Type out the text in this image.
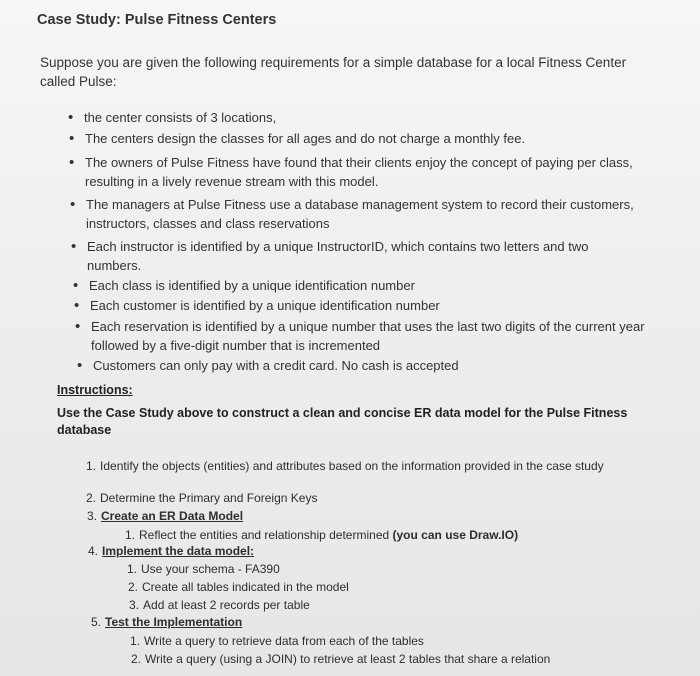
Case Study: Pulse Fitness Centers
Suppose you are given the following requirements for a simple database for a local Fitness Center called Pulse:
• the center consists of 3 locations,
• The centers design the classes for all ages and do not charge a monthly fee.
• The owners of Pulse Fitness have found that their clients enjoy the concept of paying per class, resulting in a lively revenue stream with this model.
• The managers at Pulse Fitness use a database management system to record their customers, instructors, classes and class reservations
• Each instructor is identified by a unique InstructorID, which contains two letters and two numbers.
• Each class is identified by a unique identification number
• Each customer is identified by a unique identification number
• Each reservation is identified by a unique number that uses the last two digits of the current year followed by a five-digit number that is incremented
• Customers can only pay with a credit card. No cash is accepted
Instructions:
Use the Case Study above to construct a clean and concise ER data model for the Pulse Fitness database
1. Identify the objects (entities) and attributes based on the information provided in the case study
2. Determine the Primary and Foreign Keys
3. Create an ER Data Model
1. Reflect the entities and relationship determined (you can use Draw.IO)
4. Implement the data model:
1. Use your schema - FA390
2. Create all tables indicated in the model
3. Add at least 2 records per table
5. Test the Implementation
1. Write a query to retrieve data from each of the tables
2. Write a query (using a JOIN) to retrieve at least 2 tables that share a relation
